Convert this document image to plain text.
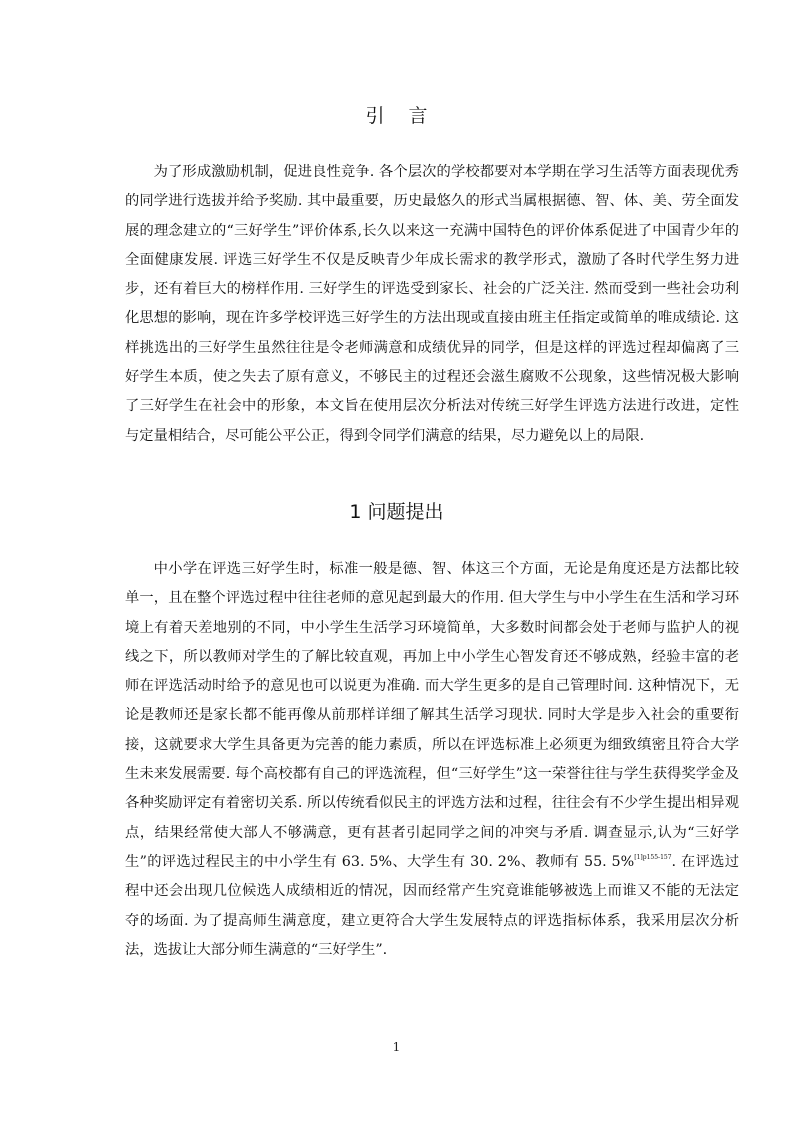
引言

为了形成激励机制，促进良性竞争. 各个层次的学校都要对本学期在学习生活等方面表现优秀的同学进行选拔并给予奖励. 其中最重要，历史最悠久的形式当属根据德、智、体、美、劳全面发展的理念建立的“三好学生”评价体系,长久以来这一充满中国特色的评价体系促进了中国青少年的全面健康发展. 评选三好学生不仅是反映青少年成长需求的教学形式，激励了各时代学生努力进步，还有着巨大的榜样作用. 三好学生的评选受到家长、社会的广泛关注. 然而受到一些社会功利化思想的影响，现在许多学校评选三好学生的方法出现或直接由班主任指定或简单的唯成绩论. 这样挑选出的三好学生虽然往往是令老师满意和成绩优异的同学，但是这样的评选过程却偏离了三好学生本质，使之失去了原有意义，不够民主的过程还会滋生腐败不公现象，这些情况极大影响了三好学生在社会中的形象，本文旨在使用层次分析法对传统三好学生评选方法进行改进，定性与定量相结合，尽可能公平公正，得到令同学们满意的结果，尽力避免以上的局限.

1 问题提出

中小学在评选三好学生时，标准一般是德、智、体这三个方面，无论是角度还是方法都比较单一，且在整个评选过程中往往老师的意见起到最大的作用. 但大学生与中小学生在生活和学习环境上有着天差地别的不同，中小学生生活学习环境简单，大多数时间都会处于老师与监护人的视线之下，所以教师对学生的了解比较直观，再加上中小学生心智发育还不够成熟，经验丰富的老师在评选活动时给予的意见也可以说更为准确. 而大学生更多的是自己管理时间. 这种情况下，无论是教师还是家长都不能再像从前那样详细了解其生活学习现状. 同时大学是步入社会的重要衔接，这就要求大学生具备更为完善的能力素质，所以在评选标准上必须更为细致缜密且符合大学生未来发展需要. 每个高校都有自己的评选流程，但“三好学生”这一荣誉往往与学生获得奖学金及各种奖励评定有着密切关系. 所以传统看似民主的评选方法和过程，往往会有不少学生提出相异观点，结果经常使大部人不够满意，更有甚者引起同学之间的冲突与矛盾. 调查显示,认为“三好学生”的评选过程民主的中小学生有 63. 5%、大学生有 30. 2%、教师有 55. 5%$^{[1]p155-157}$. 在评选过程中还会出现几位候选人成绩相近的情况，因而经常产生究竟谁能够被选上而谁又不能的无法定夺的场面. 为了提高师生满意度，建立更符合大学生发展特点的评选指标体系，我采用层次分析法，选拔让大部分师生满意的“三好学生”.

1
